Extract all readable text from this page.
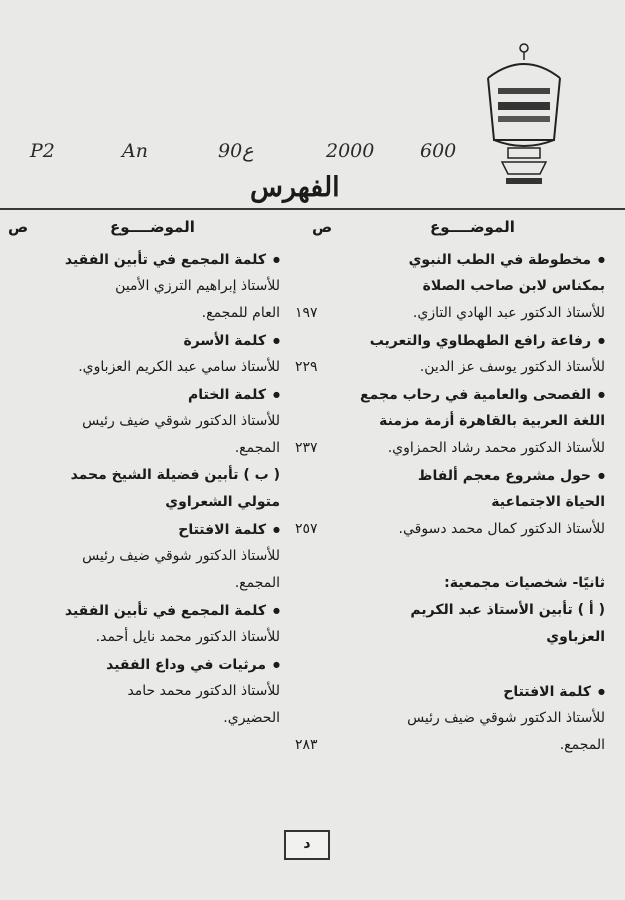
P2	An	90ع	2000 600
الفهرس
الموضــــوع
ص
الموضــــوع
ص
● مخطوطة في الطب النبوي
بمكناس لابن صاحب الصلاة
للأستاذ الدكتور عبد الهادي التازي.
١٩٧
● رفاعة رافع الطهطاوي والتعريب
للأستاذ الدكتور يوسف عز الدين.
٢٢٩
● الفصحى والعامية في رحاب مجمع
اللغة العربية بالقاهرة أزمة مزمنة
للأستاذ الدكتور محمد رشاد الحمزاوي.
٢٣٧
● حول مشروع معجم ألفاظ
الحياة الاجتماعية
للأستاذ الدكتور كمال محمد دسوقي.
٢٥٧
ثانيًا- شخصيات مجمعية:
( أ ) تأبين الأستاذ عبد الكريم
العزباوي
● كلمة الافتتاح
للأستاذ الدكتور شوقي ضيف رئيس
المجمع.
٢٨٣
● كلمة المجمع في تأبين الفقيد
للأستاذ إبراهيم الترزي الأمين
العام للمجمع.
● كلمة الأسرة
للأستاذ سامي عبد الكريم العزباوي.
● كلمة الختام
للأستاذ الدكتور شوقي ضيف رئيس
المجمع.
( ب ) تأبين فضيلة الشيخ محمد
متولي الشعراوي
● كلمة الافتتاح
للأستاذ الدكتور شوقي ضيف رئيس
المجمع.
● كلمة المجمع في تأبين الفقيد
للأستاذ الدكتور محمد نايل أحمد.
● مرثيات في وداع الفقيد
للأستاذ الدكتور محمد حامد
الحضيري.
د
